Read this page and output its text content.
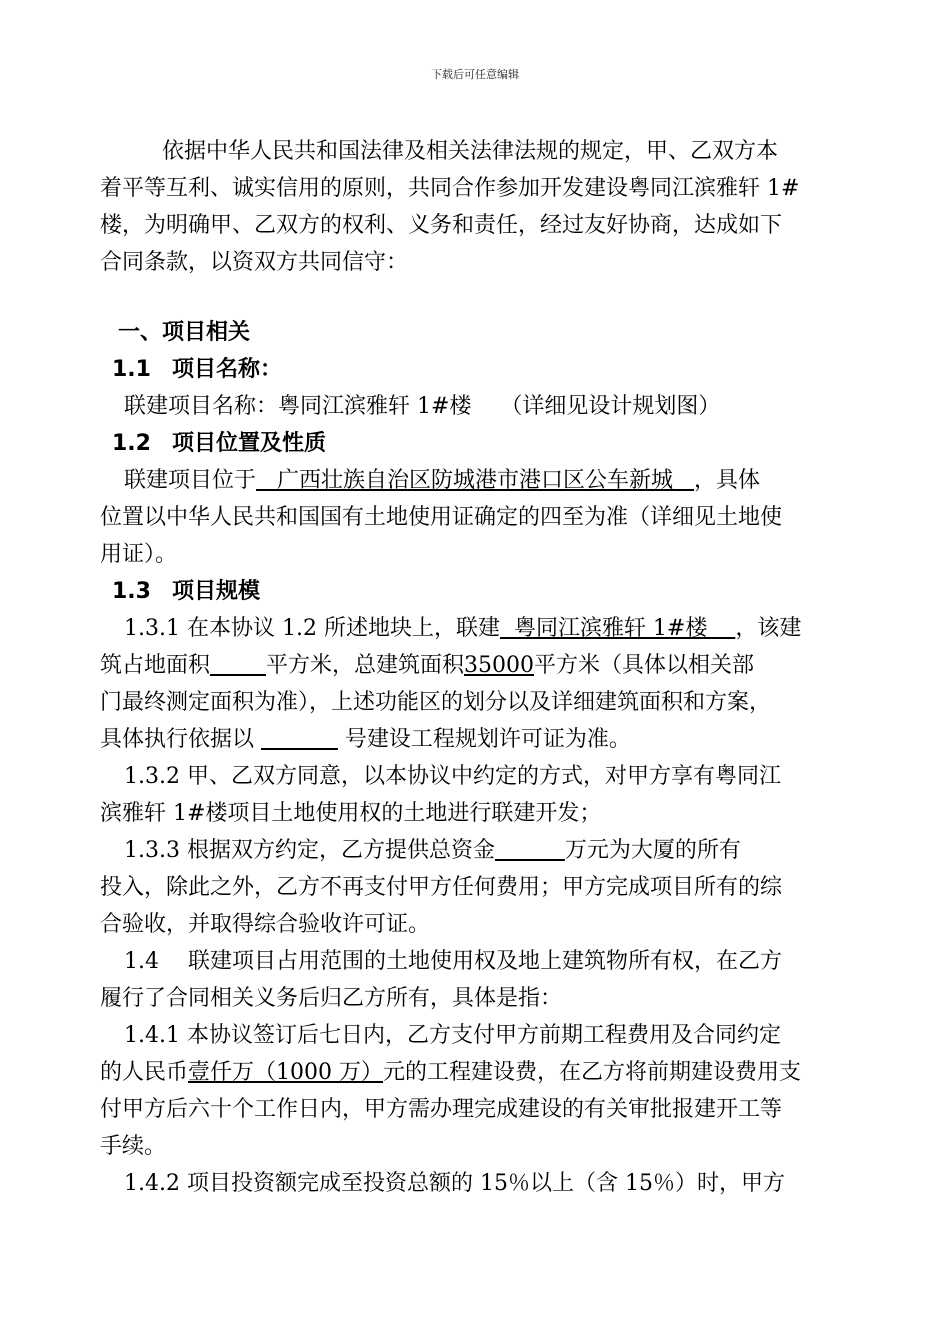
下载后可任意编辑

依据中华人民共和国法律及相关法律法规的规定，甲、乙双方本

着平等互利、诚实信用的原则，共同合作参加开发建设粤同江滨雅轩 1#

楼，为明确甲、乙双方的权利、义务和责任，经过友好协商，达成如下

合同条款，以资双方共同信守：

一、项目相关
1.1 项目名称：

联建项目名称：粤同江滨雅轩 1#楼　 （详细见设计规划图）

1.2 项目位置及性质

联建项目位于   广西壮族自治区防城港市港口区公车新城   ，具体

位置以中华人民共和国国有土地使用证确定的四至为准（详细见土地使

用证）。

1.3 项目规模

1.3.1 在本协议 1.2 所述地块上，联建  粤同江滨雅轩 1#楼    ，该建

筑占地面积	平方米，总建筑面积35000平方米（具体以相关部

门最终测定面积为准），上述功能区的划分以及详细建筑面积和方案，

具体执行依据以	号建设工程规划许可证为准。

1.3.2 甲、乙双方同意，以本协议中约定的方式，对甲方享有粤同江

滨雅轩 1#楼项目土地使用权的土地进行联建开发；

1.3.3 根据双方约定，乙方提供总资金	万元为大厦的所有

投入，除此之外，乙方不再支付甲方任何费用；甲方完成项目所有的综

合验收，并取得综合验收许可证。

1.4　 联建项目占用范围的土地使用权及地上建筑物所有权，在乙方

履行了合同相关义务后归乙方所有，具体是指：

1.4.1 本协议签订后七日内，乙方支付甲方前期工程费用及合同约定

的人民币壹仟万（1000 万）元的工程建设费，在乙方将前期建设费用支

付甲方后六十个工作日内，甲方需办理完成建设的有关审批报建开工等

手续。

1.4.2 项目投资额完成至投资总额的 15％以上（含 15％）时，甲方
